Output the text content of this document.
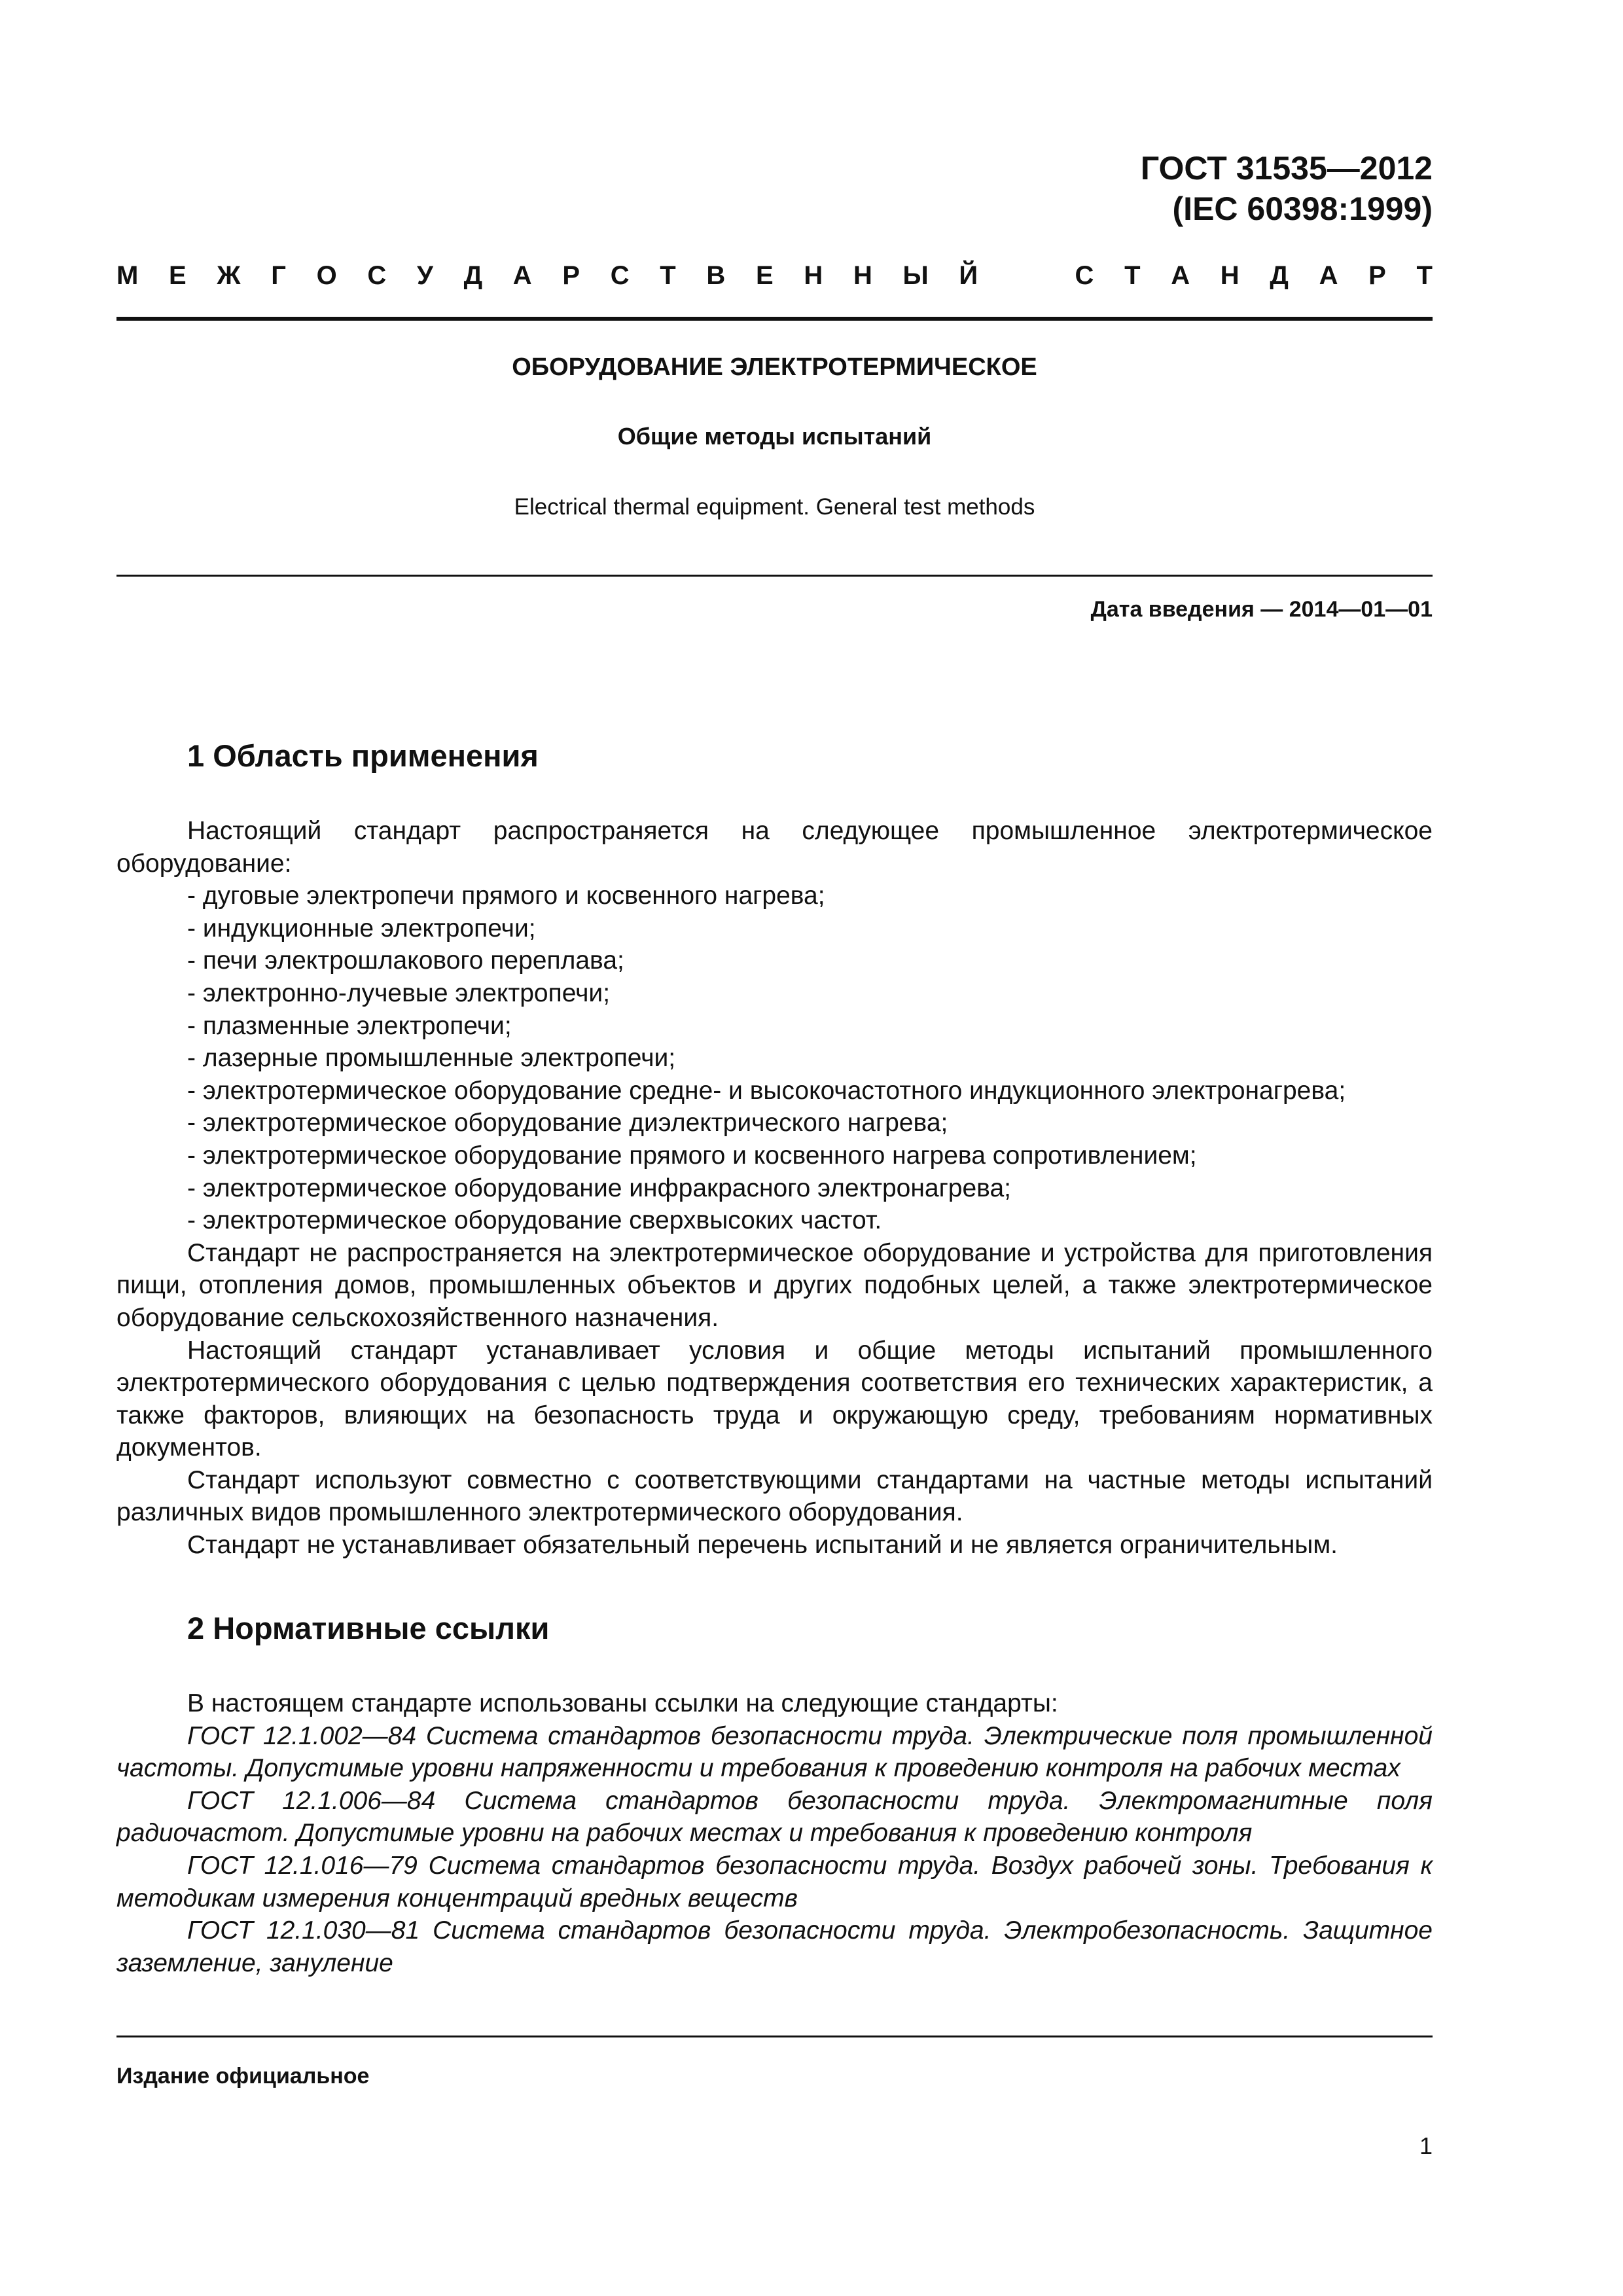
ГОСТ 31535—2012
(IEC 60398:1999)
М Е Ж Г О С У Д А Р С Т В Е Н Н Ы Й	С Т А Н Д А Р Т
ОБОРУДОВАНИЕ ЭЛЕКТРОТЕРМИЧЕСКОЕ
Общие методы испытаний
Electrical thermal equipment. General test methods
Дата введения — 2014—01—01
1 Область применения

Настоящий стандарт распространяется на следующее промышленное электротермическое оборудование:

- дуговые электропечи прямого и косвенного нагрева;
- индукционные электропечи;
- печи электрошлакового переплава;
- электронно-лучевые электропечи;
- плазменные электропечи;
- лазерные промышленные электропечи;
- электротермическое оборудование средне- и высокочастотного индукционного электронагрева;
- электротермическое оборудование диэлектрического нагрева;
- электротермическое оборудование прямого и косвенного нагрева сопротивлением;
- электротермическое оборудование инфракрасного электронагрева;
- электротермическое оборудование сверхвысоких частот.

Стандарт не распространяется на электротермическое оборудование и устройства для приготовления пищи, отопления домов, промышленных объектов и других подобных целей, а также электротермическое оборудование сельскохозяйственного назначения.

Настоящий стандарт устанавливает условия и общие методы испытаний промышленного электротермического оборудования с целью подтверждения соответствия его технических характеристик, а также факторов, влияющих на безопасность труда и окружающую среду, требованиям нормативных документов.

Стандарт используют совместно с соответствующими стандартами на частные методы испытаний различных видов промышленного электротермического оборудования.

Стандарт не устанавливает обязательный перечень испытаний и не является ограничительным.

2 Нормативные ссылки

В настоящем стандарте использованы ссылки на следующие стандарты:

ГОСТ 12.1.002—84 Система стандартов безопасности труда. Электрические поля промышленной частоты. Допустимые уровни напряженности и требования к проведению контроля на рабочих местах

ГОСТ 12.1.006—84 Система стандартов безопасности труда. Электромагнитные поля радиочастот. Допустимые уровни на рабочих местах и требования к проведению контроля

ГОСТ 12.1.016—79 Система стандартов безопасности труда. Воздух рабочей зоны. Требования к методикам измерения концентраций вредных веществ

ГОСТ 12.1.030—81 Система стандартов безопасности труда. Электробезопасность. Защитное заземление, зануление

Издание официальное
1
